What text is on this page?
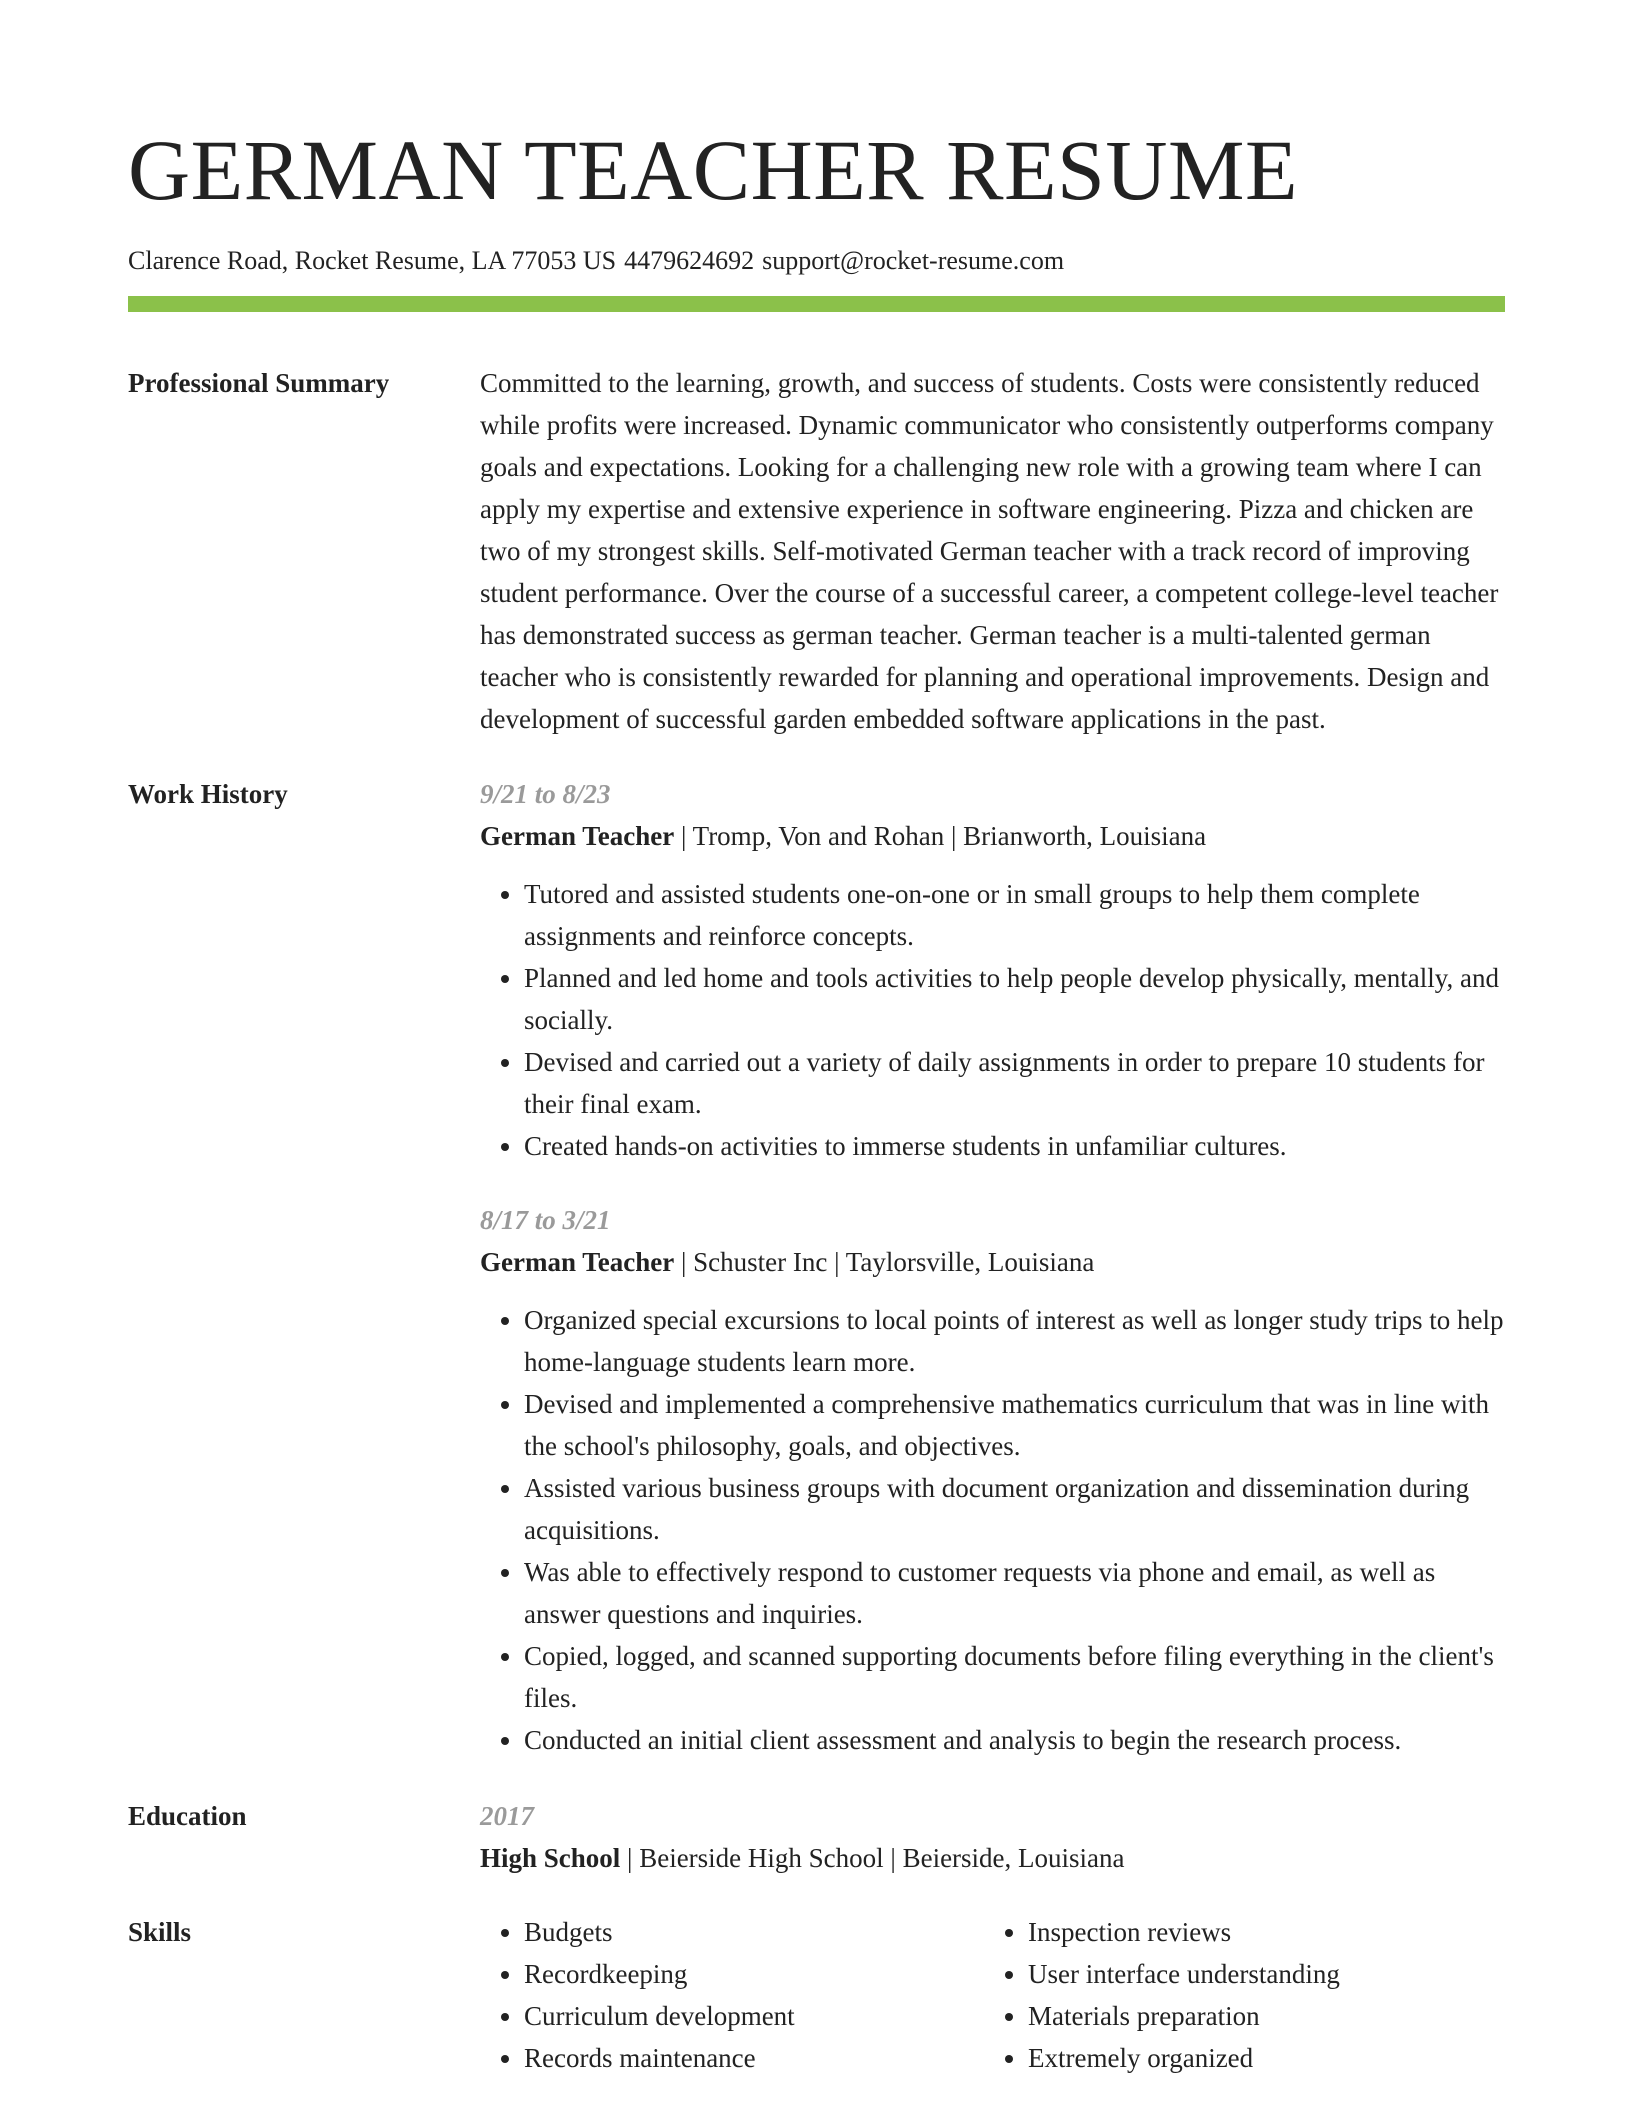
GERMAN TEACHER RESUME
Clarence Road, Rocket Resume, LA 77053 US 4479624692 support@rocket-resume.com
Professional Summary	Committed to the learning, growth, and success of students. Costs were consistently reduced while profits were increased. Dynamic communicator who consistently outperforms company goals and expectations. Looking for a challenging new role with a growing team where I can apply my expertise and extensive experience in software engineering. Pizza and chicken are two of my strongest skills. Self-motivated German teacher with a track record of improving student performance. Over the course of a successful career, a competent college-level teacher has demonstrated success as german teacher. German teacher is a multi-talented german teacher who is consistently rewarded for planning and operational improvements. Design and development of successful garden embedded software applications in the past.
Work History	9/21 to 8/23
German Teacher | Tromp, Von and Rohan | Brianworth, Louisiana
• Tutored and assisted students one-on-one or in small groups to help them complete assignments and reinforce concepts.
• Planned and led home and tools activities to help people develop physically, mentally, and socially.
• Devised and carried out a variety of daily assignments in order to prepare 10 students for their final exam.
• Created hands-on activities to immerse students in unfamiliar cultures.
8/17 to 3/21
German Teacher | Schuster Inc | Taylorsville, Louisiana
• Organized special excursions to local points of interest as well as longer study trips to help home-language students learn more.
• Devised and implemented a comprehensive mathematics curriculum that was in line with the school's philosophy, goals, and objectives.
• Assisted various business groups with document organization and dissemination during acquisitions.
• Was able to effectively respond to customer requests via phone and email, as well as answer questions and inquiries.
• Copied, logged, and scanned supporting documents before filing everything in the client's files.
• Conducted an initial client assessment and analysis to begin the research process.
Education	2017
High School | Beierside High School | Beierside, Louisiana
Skills
•	Budgets
• Recordkeeping
• Curriculum development
• Records maintenance
• Inspection reviews
• User interface understanding
• Materials preparation
• Extremely organized
